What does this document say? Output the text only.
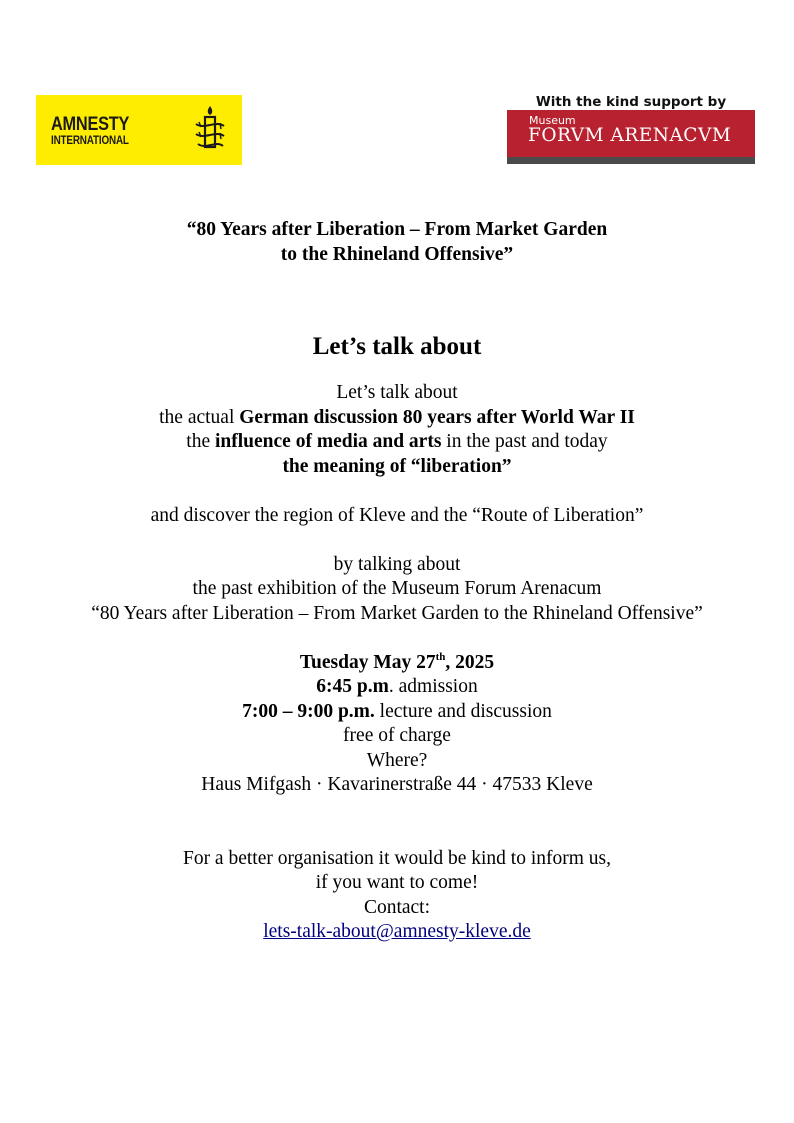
AMNESTY
INTERNATIONAL
With the kind support by
Museum
FORVM ARENACVM
“80 Years after Liberation – From Market Garden
to the Rhineland Offensive”
Let’s talk about
Let’s talk about
the actual German discussion 80 years after World War II
the influence of media and arts in the past and today
the meaning of “liberation”
and discover the region of Kleve and the “Route of Liberation”
by talking about
the past exhibition of the Museum Forum Arenacum
“80 Years after Liberation – From Market Garden to the Rhineland Offensive”
Tuesday May 27th, 2025
6:45 p.m. admission
7:00 – 9:00 p.m. lecture and discussion
free of charge
Where?
Haus Mifgash · Kavarinerstraße 44 · 47533 Kleve
For a better organisation it would be kind to inform us,
if you want to come!
Contact:
lets-talk-about@amnesty-kleve.de
